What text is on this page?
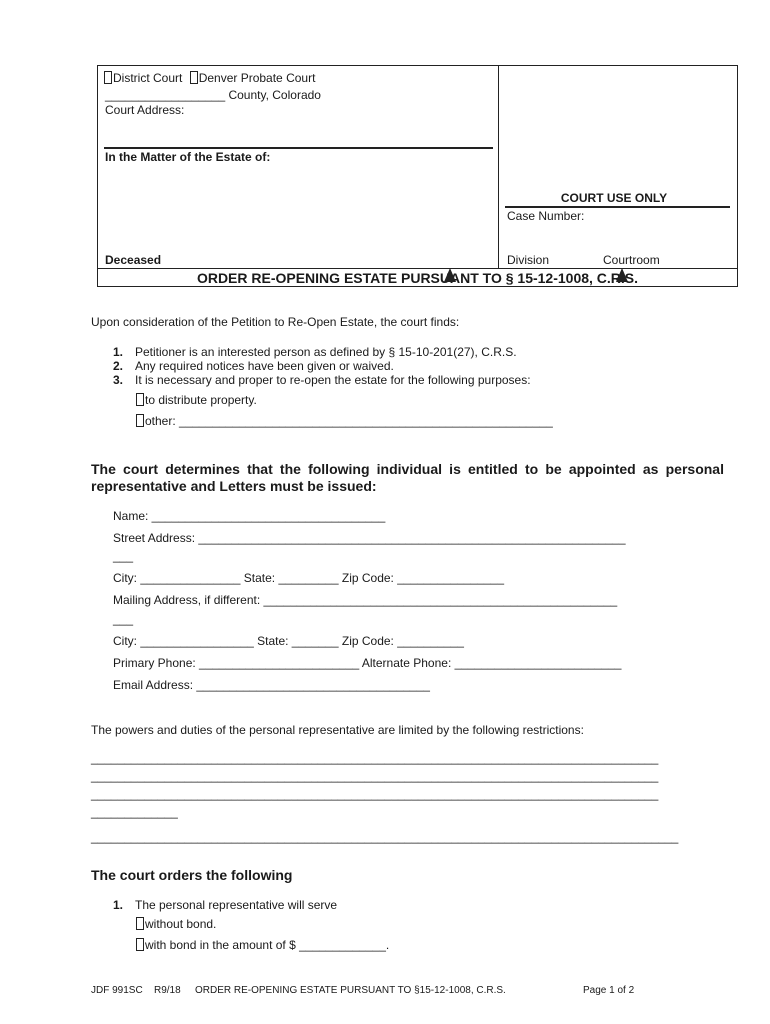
District Court Denver Probate Court
__________________ County, Colorado
Court Address:
In the Matter of the Estate of:
Deceased
COURT USE ONLY
Case Number:
Division	Courtroom
ORDER RE-OPENING ESTATE PURSUANT TO § 15-12-1008, C.R.S.
Upon consideration of the Petition to Re-Open Estate, the court finds:
1. Petitioner is an interested person as defined by § 15-10-201(27), C.R.S.
2. Any required notices have been given or waived.
3. It is necessary and proper to re-open the estate for the following purposes:
to distribute property.
other: ________________________________________________________
The court determines that the following individual is entitled to be appointed as personal
representative and Letters must be issued:
Name: ___________________________________
Street Address: ________________________________________________________________
___
City: _______________ State: _________ Zip Code: ________________
Mailing Address, if different: _____________________________________________________
___
City: _________________ State: _______ Zip Code: __________
Primary Phone: ________________________ Alternate Phone: _________________________
Email Address: ___________________________________
The powers and duties of the personal representative are limited by the following restrictions:
_____________________________________________________________________________________
_____________________________________________________________________________________
_____________________________________________________________________________________
_____________
________________________________________________________________________________________
The court orders the following
1. The personal representative will serve
without bond.
with bond in the amount of $ _____________.
JDF 991SC R9/18 ORDER RE-OPENING ESTATE PURSUANT TO §15-12-1008, C.R.S.	Page 1 of 2
